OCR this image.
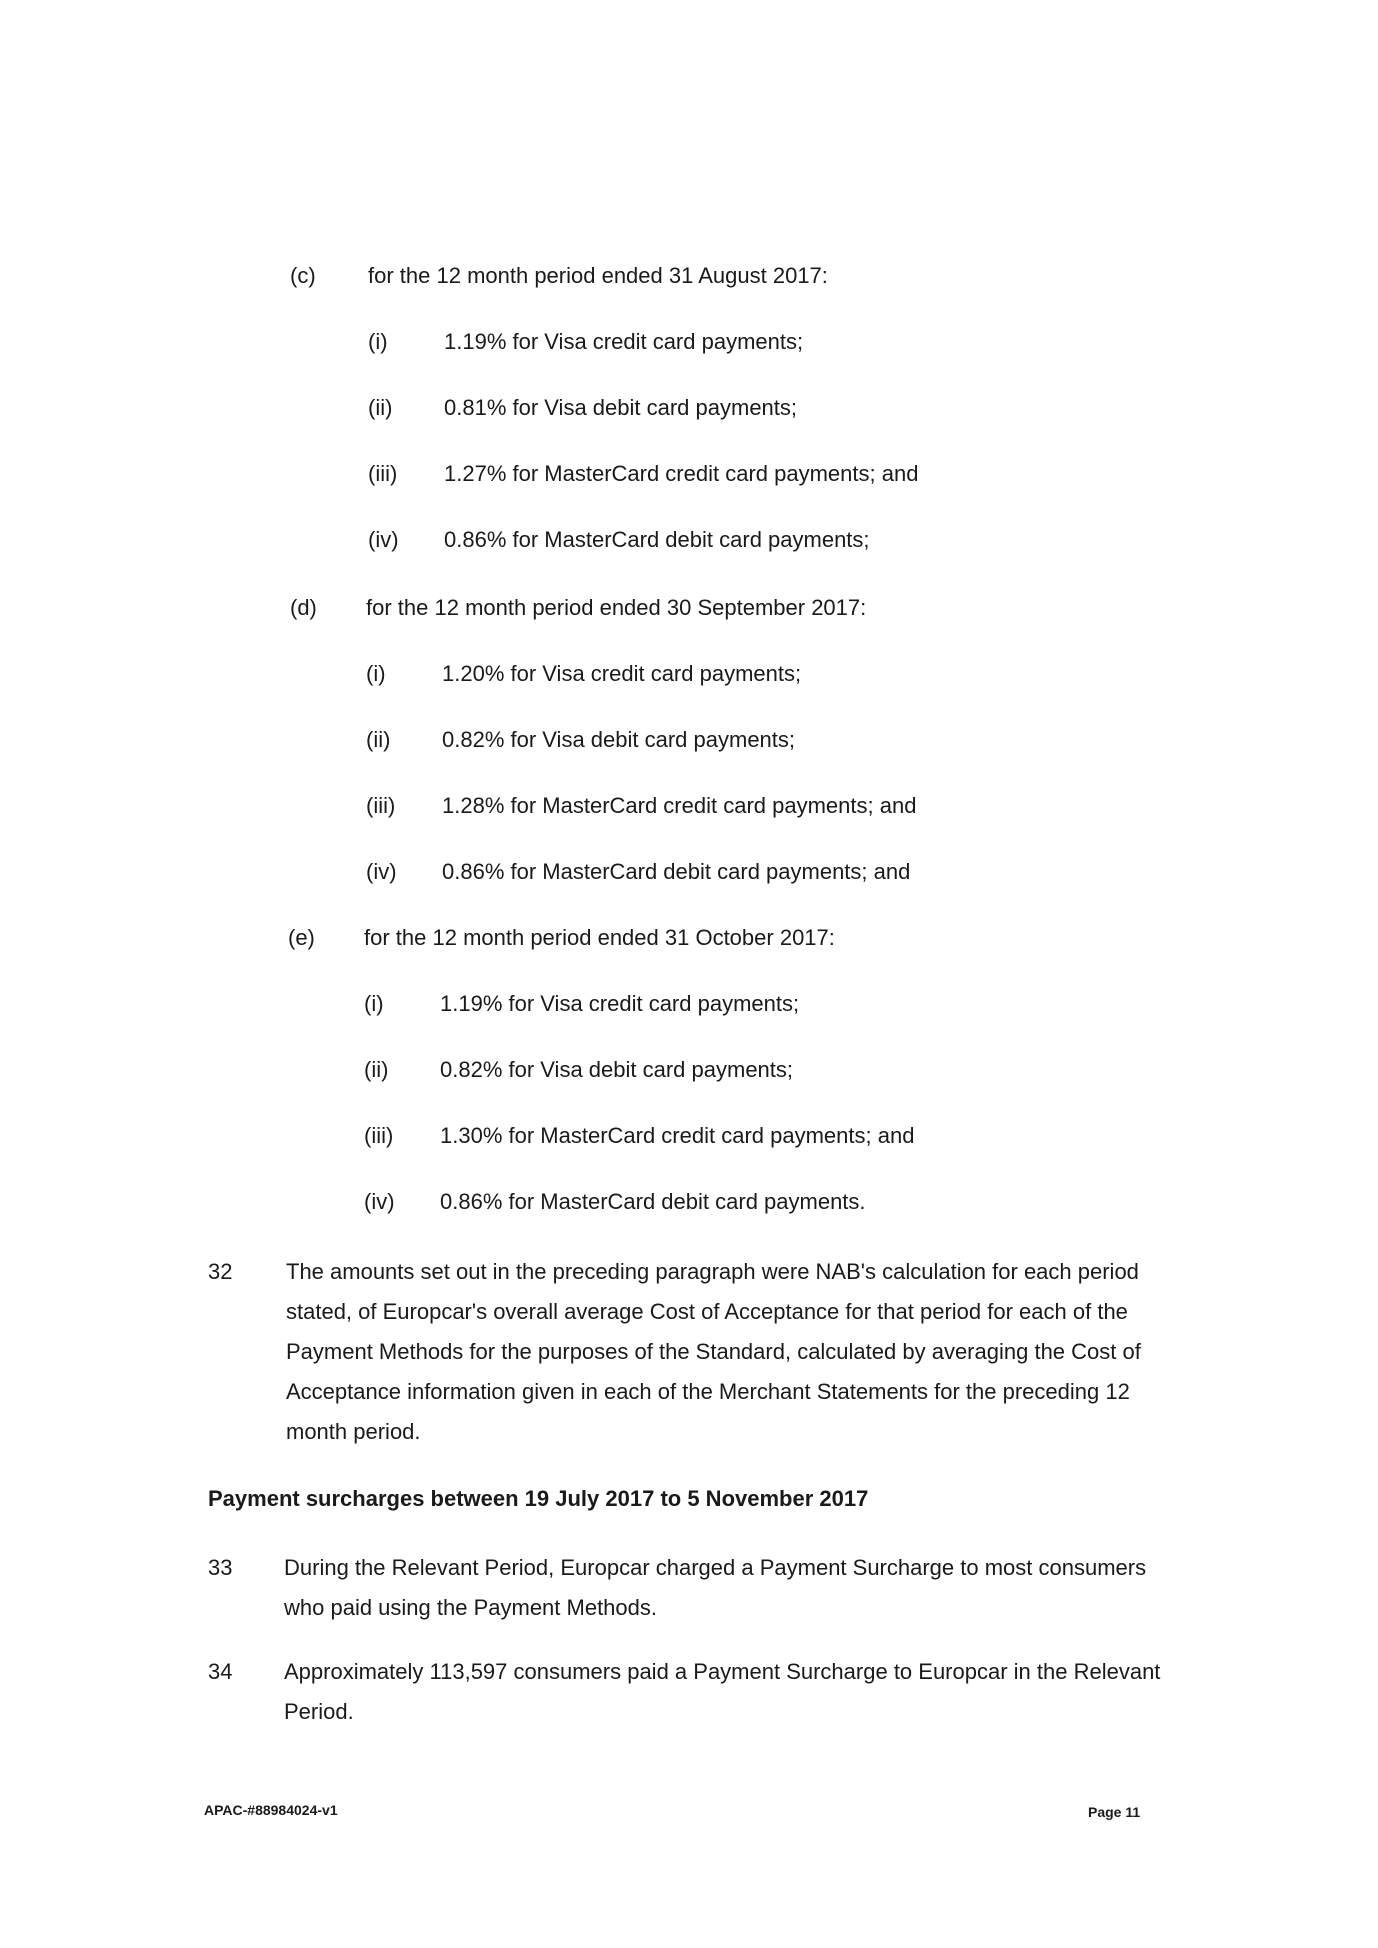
(c) for the 12 month period ended 31 August 2017:
(i)	1.19% for Visa credit card payments;
(ii) 0.81% for Visa debit card payments;
(iii) 1.27% for MasterCard credit card payments; and
(iv) 0.86% for MasterCard debit card payments;
(d) for the 12 month period ended 30 September 2017:
(i)	1.20% for Visa credit card payments;
(ii) 0.82% for Visa debit card payments;
(iii) 1.28% for MasterCard credit card payments; and
(iv) 0.86% for MasterCard debit card payments; and
(e) for the 12 month period ended 31 October 2017:
(i)	1.19% for Visa credit card payments;
(ii) 0.82% for Visa debit card payments;
(iii) 1.30% for MasterCard credit card payments; and
(iv) 0.86% for MasterCard debit card payments.
32 The amounts set out in the preceding paragraph were NAB's calculation for each period stated, of Europcar's overall average Cost of Acceptance for that period for each of the Payment Methods for the purposes of the Standard, calculated by averaging the Cost of Acceptance information given in each of the Merchant Statements for the preceding 12 month period.
Payment surcharges between 19 July 2017 to 5 November 2017
33 During the Relevant Period, Europcar charged a Payment Surcharge to most consumers who paid using the Payment Methods.
34 Approximately 113,597 consumers paid a Payment Surcharge to Europcar in the Relevant Period.
APAC-#88984024-v1	Page 11
